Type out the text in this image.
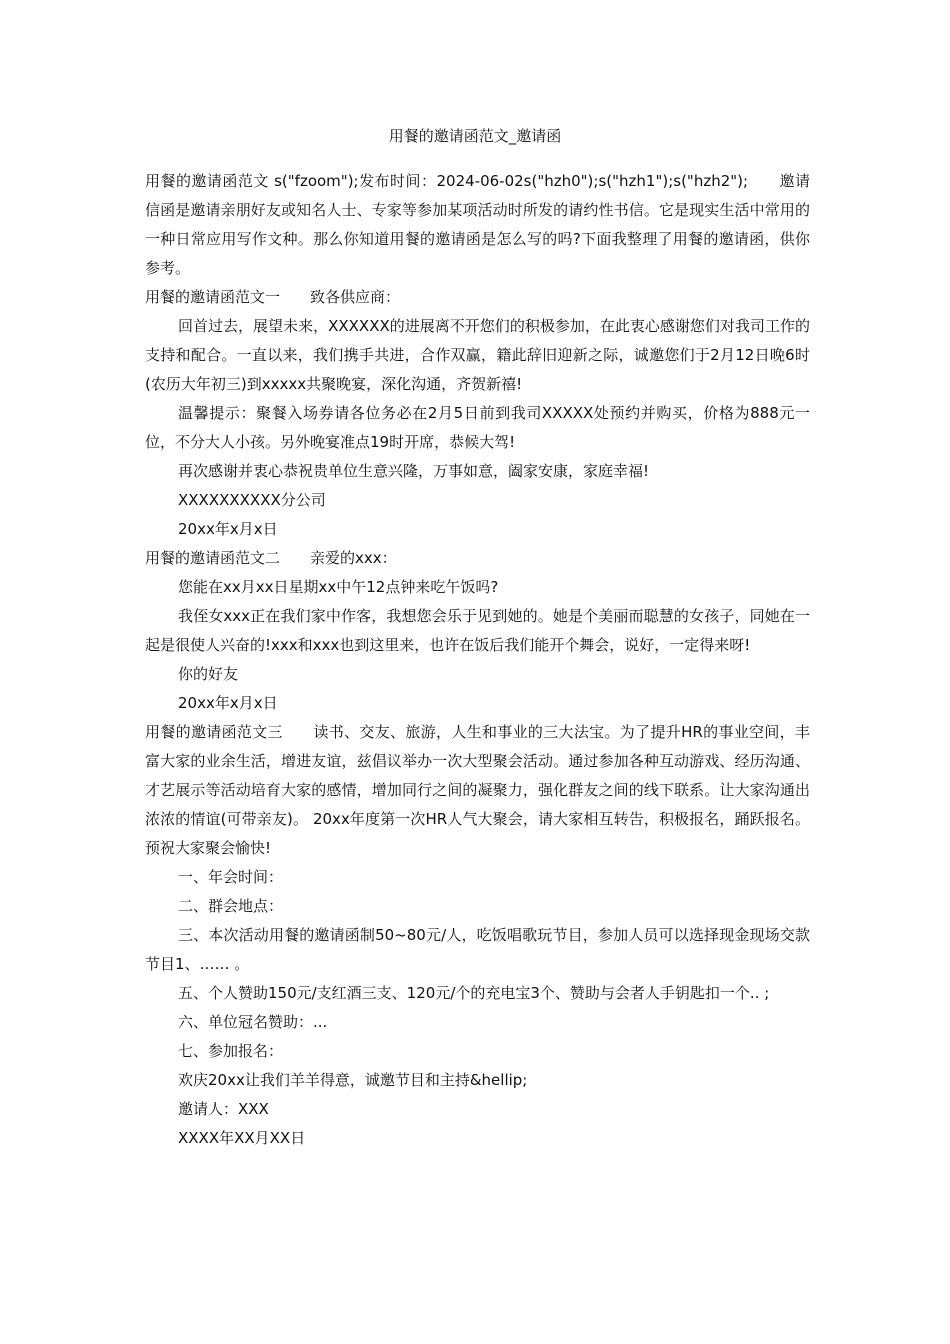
用餐的邀请函范文_邀请函

用餐的邀请函范文 s("fzoom");发布时间：2024-06-02s("hzh0");s("hzh1");s("hzh2");　　邀请信函是邀请亲朋好友或知名人士、专家等参加某项活动时所发的请约性书信。它是现实生活中常用的一种日常应用写作文种。那么你知道用餐的邀请函是怎么写的吗?下面我整理了用餐的邀请函，供你参考。

用餐的邀请函范文一　　致各供应商：

回首过去，展望未来，XXXXXX的进展离不开您们的积极参加，在此衷心感谢您们对我司工作的支持和配合。一直以来，我们携手共进，合作双赢，籍此辞旧迎新之际，诚邀您们于2月12日晚6时(农历大年初三)到xxxxx共聚晚宴，深化沟通，齐贺新禧!

温馨提示：聚餐入场券请各位务必在2月5日前到我司XXXXX处预约并购买，价格为888元一位，不分大人小孩。另外晚宴准点19时开席，恭候大驾!

再次感谢并衷心恭祝贵单位生意兴隆，万事如意，阖家安康，家庭幸福!

XXXXXXXXXX分公司

20xx年x月x日

用餐的邀请函范文二　　亲爱的xxx：

您能在xx月xx日星期xx中午12点钟来吃午饭吗?

我侄女xxx正在我们家中作客，我想您会乐于见到她的。她是个美丽而聪慧的女孩子，同她在一起是很使人兴奋的!xxx和xxx也到这里来，也许在饭后我们能开个舞会，说好，一定得来呀!

你的好友

20xx年x月x日

用餐的邀请函范文三　　读书、交友、旅游，人生和事业的三大法宝。为了提升HR的事业空间，丰富大家的业余生活，增进友谊，兹倡议举办一次大型聚会活动。通过参加各种互动游戏、经历沟通、才艺展示等活动培育大家的感情，增加同行之间的凝聚力，强化群友之间的线下联系。让大家沟通出浓浓的情谊(可带亲友)。 20xx年度第一次HR人气大聚会，请大家相互转告，积极报名，踊跃报名。预祝大家聚会愉快!

一、年会时间：

二、群会地点：

三、本次活动用餐的邀请函制50~80元/人，吃饭唱歌玩节目，参加人员可以选择现金现场交款 节目1、…… 。

五、个人赞助150元/支红酒三支、120元/个的充电宝3个、赞助与会者人手钥匙扣一个.. ;

六、单位冠名赞助：...

七、参加报名：

欢庆20xx让我们羊羊得意，诚邀节目和主持&hellip;

邀请人：XXX

XXXX年XX月XX日
